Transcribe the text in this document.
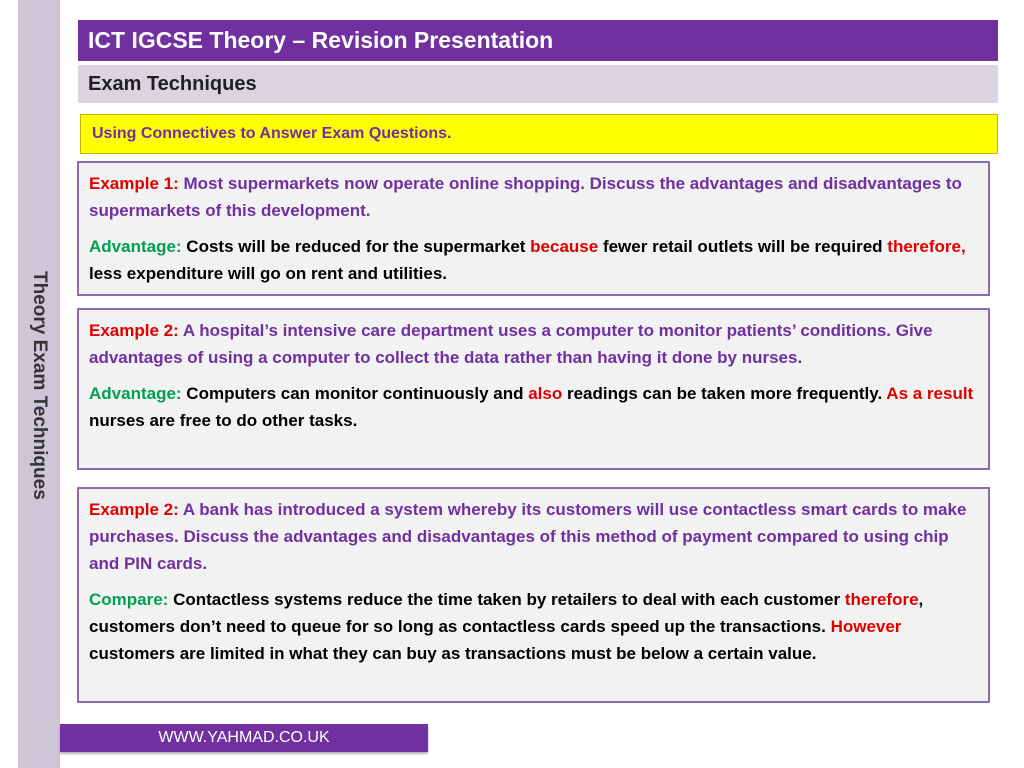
Theory Exam Techniques
ICT IGCSE Theory – Revision Presentation
Exam Techniques
Using Connectives to Answer Exam Questions.

Example 1: Most supermarkets now operate online shopping. Discuss the advantages and disadvantages to supermarkets of this development.

Advantage: Costs will be reduced for the supermarket because fewer retail outlets will be required therefore, less expenditure will go on rent and utilities.

Example 2: A hospital’s intensive care department uses a computer to monitor patients’ conditions. Give advantages of using a computer to collect the data rather than having it done by nurses.

Advantage: Computers can monitor continuously and also readings can be taken more frequently. As a result nurses are free to do other tasks.

Example 2: A bank has introduced a system whereby its customers will use contactless smart cards to make purchases. Discuss the advantages and disadvantages of this method of payment compared to using chip and PIN cards.

Compare: Contactless systems reduce the time taken by retailers to deal with each customer therefore, customers don’t need to queue for so long as contactless cards speed up the transactions. However customers are limited in what they can buy as transactions must be below a certain value.

WWW.YAHMAD.CO.UK
